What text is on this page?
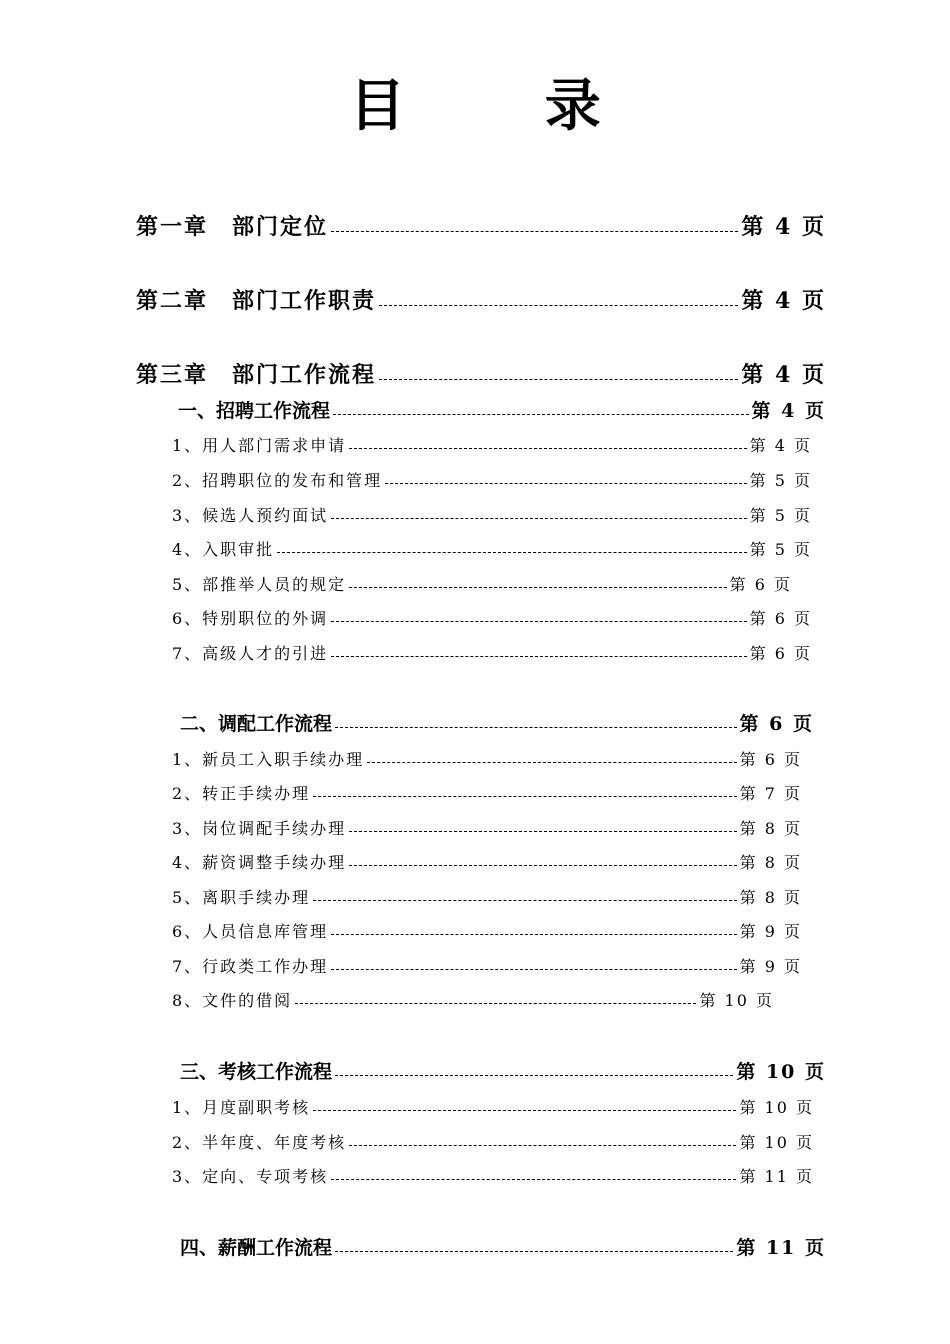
目 录
第一章　部门定位	第 4 页
第二章　部门工作职责	第 4 页
第三章　部门工作流程	第 4 页
一、招聘工作流程	第 4 页
1、用人部门需求申请	第 4 页
2、招聘职位的发布和管理	第 5 页
3、候选人预约面试	第 5 页
4、入职审批	第 5 页
5、部推举人员的规定	第 6 页
6、特别职位的外调	第 6 页
7、高级人才的引进	第 6 页
二、调配工作流程	第 6 页
1、新员工入职手续办理	第 6 页
2、转正手续办理	第 7 页
3、岗位调配手续办理	第 8 页
4、薪资调整手续办理	第 8 页
5、离职手续办理	第 8 页
6、人员信息库管理	第 9 页
7、行政类工作办理	第 9 页
8、文件的借阅	第 10 页
三、考核工作流程	第 10 页
1、月度副职考核	第 10 页
2、半年度、年度考核	第 10 页
3、定向、专项考核	第 11 页
四、薪酬工作流程	第 11 页
